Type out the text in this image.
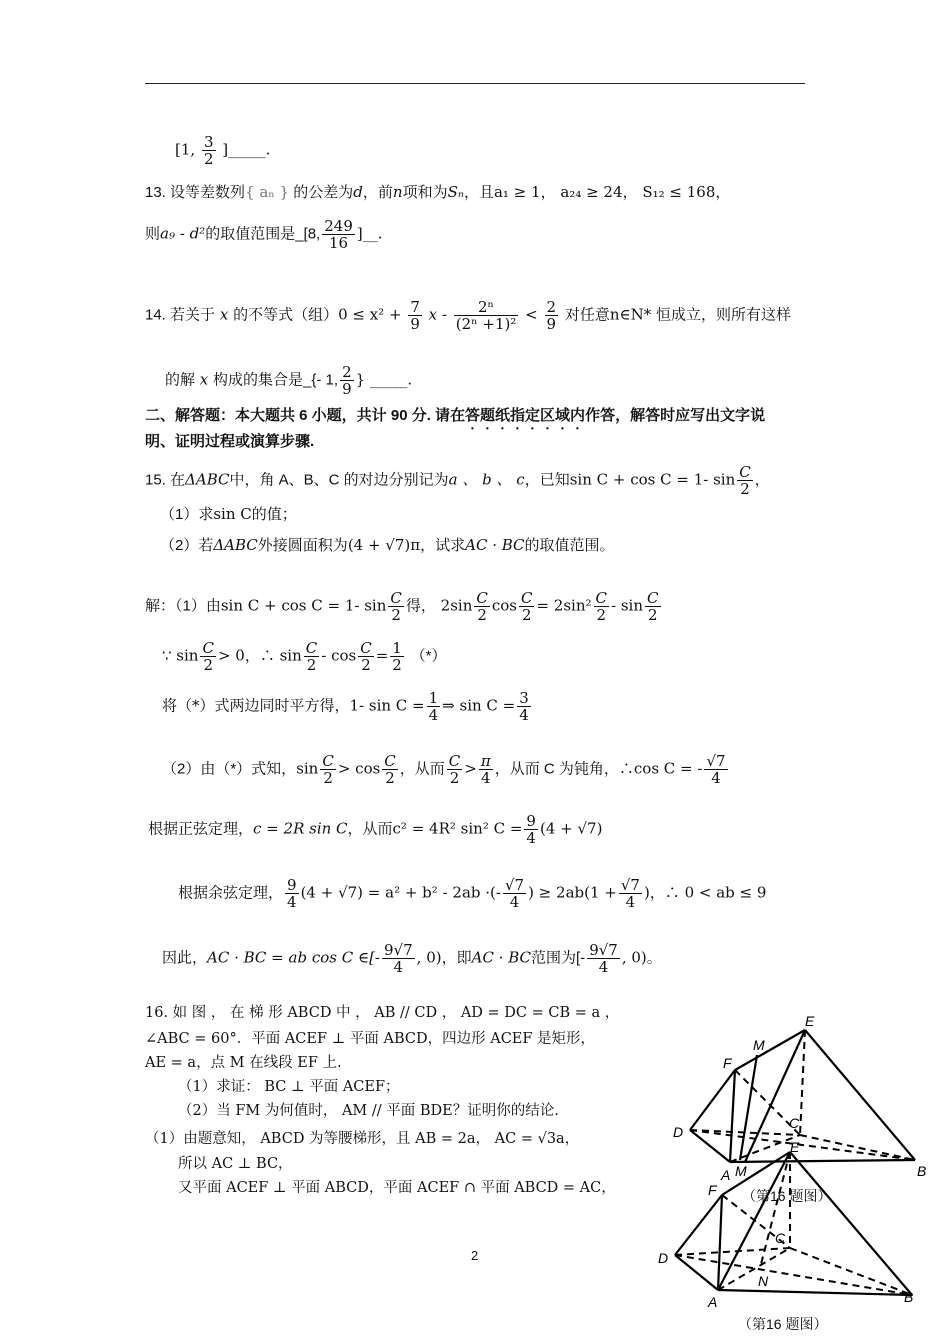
[1, $\frac{3}{2}$ ]_____.
13. 设等差数列{ aₙ } 的公差为d，前n项和为Sₙ，且a₁ ≥ 1， a₂₄ ≥ 24， S₁₂ ≤ 168，
则a₉ - d²的取值范围是_[8, $\frac{249}{16}$ ]__.
14. 若关于 x 的不等式（组）$0 \le x^2 + \frac{7}{9}$ $x - \frac{\text{2ⁿ}}{\text{(2ⁿ +1)²}} < \frac{2}{9}$ 对任意n∈N* 恒成立，则所有这样
的解 x 构成的集合是_{- 1, $\frac{2}{9}$ } _____.
二、解答题：本大题共 6 小题，共计 90 分. 请在答题纸指定区域内作答，解答时应写出文字说
明、证明过程或演算步骤.
15. 在ΔABC中，角 A、B、C 的对边分别记为a 、 b 、 c，已知sin C + cos C = 1- $\sin \frac{C}{2}$ ，
（1）求sin C的值；
（2）若ΔABC外接圆面积为(4 + √7)π，试求AC · BC的取值范围。
解：（1）由sin C + cos C = 1- $\sin \frac{C}{2}$ 得， $2\sin \frac{C}{2}$ $\cos \frac{C}{2} = 2\sin^2 \frac{C}{2} - \sin \frac{C}{2}$
∵ $\sin \frac{C}{2} > 0$，∴ $\sin \frac{C}{2} - \cos \frac{C}{2} = \frac{1}{2}$ （*）
将（*）式两边同时平方得，1- $\sin C = \frac{1}{4}$ ⇒ $\sin C = \frac{3}{4}$
（2）由（*）式知，$\sin \frac{C}{2} > \cos \frac{C}{2}$ ，从而 $\frac{C}{2} > \frac{\pi}{4}$ ，从而 C 为钝角，∴cos C = - $\frac{√7}{4}$
根据正弦定理，c = 2R sin C，从而c² = 4R² sin² $C = \frac{9}{4} (4 + √7)$
根据余弦定理， $\frac{9}{4} (4 + √7) = a^2 + b^2 - 2ab$ ·(- $\frac{√7}{4}$ ) ≥ $2ab(1 + \frac{√7}{4}$ )，∴ 0 < ab ≤ 9
因此，AC · BC = ab cos C ∈[- $\frac{9√7}{4}$ , 0)，即AC · BC范围为[- $\frac{9√7}{4}$ , 0)。
16. 如 图 ， 在 梯 形 ABCD 中 ， AB // CD ， AD = DC = CB = a ，
∠ABC = 60°．平面 ACEF ⊥ 平面 ABCD，四边形 ACEF 是矩形，
AE = a，点 M 在线段 EF 上.
（1）求证： BC ⊥ 平面 ACEF；
（2）当 FM 为何值时， AM // 平面 BDE？证明你的结论.
（1）由题意知， ABCD 为等腰梯形，且 AB = 2a， AC = √3a，
所以 AC ⊥ BC，
又平面 ACEF ⊥ 平面 ABCD，平面 ACEF ∩ 平面 ABCD = AC，
E
M
F
C
D
A M	B
（第16 题图）
E
F
C
D
N
A	B
（第16 题图）
2
